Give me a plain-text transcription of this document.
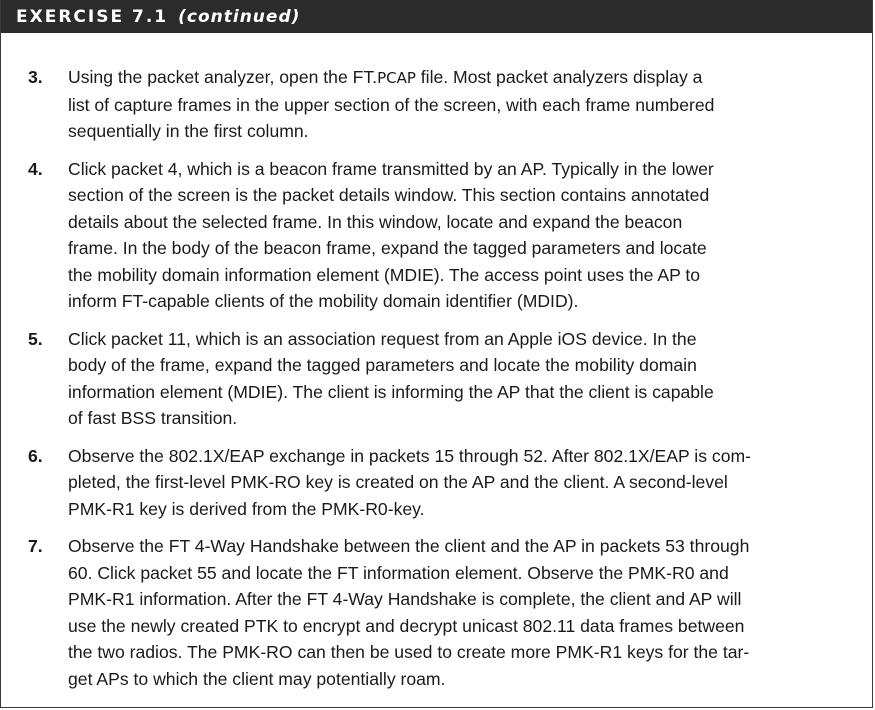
EXERCISE 7.1 (continued)
3. Using the packet analyzer, open the FT.PCAP file. Most packet analyzers display a
list of capture frames in the upper section of the screen, with each frame numbered
sequentially in the first column.
4. Click packet 4, which is a beacon frame transmitted by an AP. Typically in the lower
section of the screen is the packet details window. This section contains annotated
details about the selected frame. In this window, locate and expand the beacon
frame. In the body of the beacon frame, expand the tagged parameters and locate
the mobility domain information element (MDIE). The access point uses the AP to
inform FT-capable clients of the mobility domain identifier (MDID).
5. Click packet 11, which is an association request from an Apple iOS device. In the
body of the frame, expand the tagged parameters and locate the mobility domain
information element (MDIE). The client is informing the AP that the client is capable
of fast BSS transition.
6. Observe the 802.1X/EAP exchange in packets 15 through 52. After 802.1X/EAP is com-
pleted, the first-level PMK-RO key is created on the AP and the client. A second-level
PMK-R1 key is derived from the PMK-R0-key.
7. Observe the FT 4-Way Handshake between the client and the AP in packets 53 through
60. Click packet 55 and locate the FT information element. Observe the PMK-R0 and
PMK-R1 information. After the FT 4-Way Handshake is complete, the client and AP will
use the newly created PTK to encrypt and decrypt unicast 802.11 data frames between
the two radios. The PMK-RO can then be used to create more PMK-R1 keys for the tar-
get APs to which the client may potentially roam.
